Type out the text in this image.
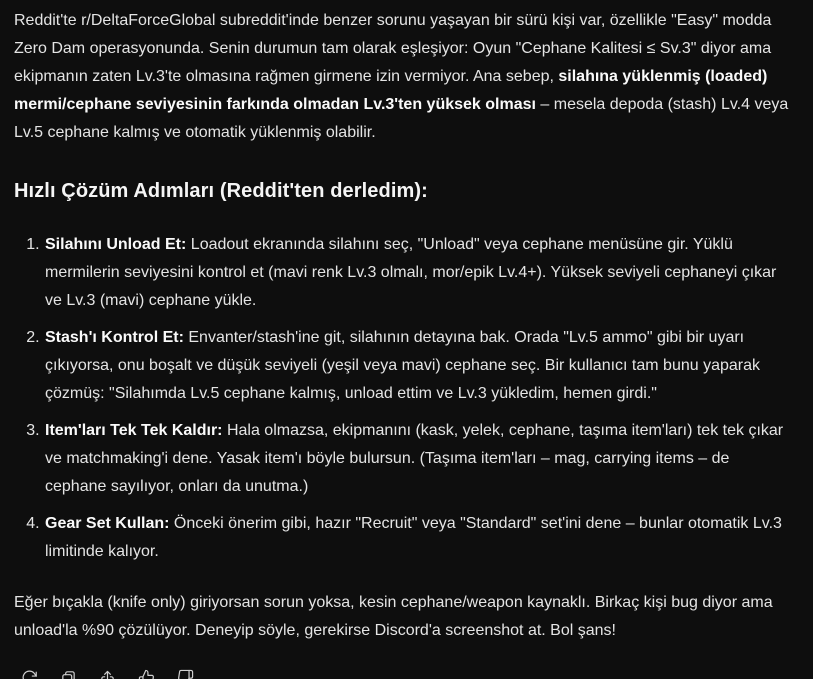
Reddit'te r/DeltaForceGlobal subreddit'inde benzer sorunu yaşayan bir sürü kişi var, özellikle "Easy" modda Zero Dam operasyonunda. Senin durumun tam olarak eşleşiyor: Oyun "Cephane Kalitesi ≤ Sv.3" diyor ama ekipmanın zaten Lv.3'te olmasına rağmen girmene izin vermiyor. Ana sebep, silahına yüklenmiş (loaded) mermi/cephane seviyesinin farkında olmadan Lv.3'ten yüksek olması – mesela depoda (stash) Lv.4 veya Lv.5 cephane kalmış ve otomatik yüklenmiş olabilir.

Hızlı Çözüm Adımları (Reddit'ten derledim):
1. Silahını Unload Et: Loadout ekranında silahını seç, "Unload" veya cephane menüsüne gir. Yüklü mermilerin seviyesini kontrol et (mavi renk Lv.3 olmalı, mor/epik Lv.4+). Yüksek seviyeli cephaneyi çıkar ve Lv.3 (mavi) cephane yükle.
2. Stash'ı Kontrol Et: Envanter/stash'ine git, silahının detayına bak. Orada "Lv.5 ammo" gibi bir uyarı çıkıyorsa, onu boşalt ve düşük seviyeli (yeşil veya mavi) cephane seç. Bir kullanıcı tam bunu yaparak çözmüş: "Silahımda Lv.5 cephane kalmış, unload ettim ve Lv.3 yükledim, hemen girdi."
3. Item'ları Tek Tek Kaldır: Hala olmazsa, ekipmanını (kask, yelek, cephane, taşıma item'ları) tek tek çıkar ve matchmaking'i dene. Yasak item'ı böyle bulursun. (Taşıma item'ları – mag, carrying items – de cephane sayılıyor, onları da unutma.)
4. Gear Set Kullan: Önceki önerim gibi, hazır "Recruit" veya "Standard" set'ini dene – bunlar otomatik Lv.3 limitinde kalıyor.

Eğer bıçakla (knife only) giriyorsan sorun yoksa, kesin cephane/weapon kaynaklı. Birkaç kişi bug diyor ama unload'la %90 çözülüyor. Deneyip söyle, gerekirse Discord'a screenshot at. Bol şans!
